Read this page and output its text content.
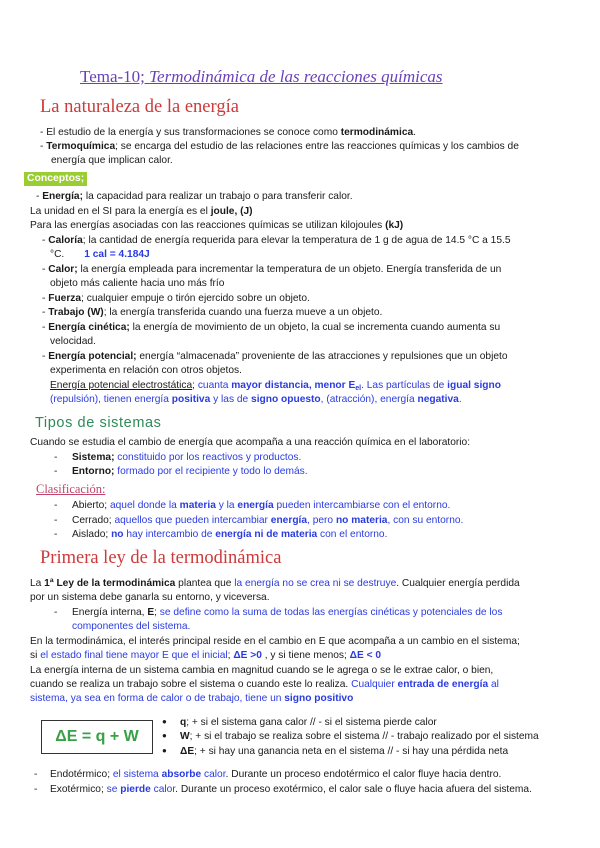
Tema-10; Termodinámica de las reacciones químicas
La naturaleza de la energía
- El estudio de la energía y sus transformaciones se conoce como termodinámica.
- Termoquímica; se encarga del estudio de las relaciones entre las reacciones químicas y los cambios de
energía que implican calor.
Conceptos;
- Energía; la capacidad para realizar un trabajo o para transferir calor.
La unidad en el SI para la energía es el joule, (J)
Para las energías asociadas con las reacciones químicas se utilizan kilojoules (kJ)
- Caloría; la cantidad de energía requerida para elevar la temperatura de 1 g de agua de 14.5 °C a 15.5
°C. 1 cal = 4.184J
- Calor; la energía empleada para incrementar la temperatura de un objeto. Energía transferida de un
objeto más caliente hacia uno más frío
- Fuerza; cualquier empuje o tirón ejercido sobre un objeto.
- Trabajo (W); la energía transferida cuando una fuerza mueve a un objeto.
- Energía cinética; la energía de movimiento de un objeto, la cual se incrementa cuando aumenta su
velocidad.
- Energía potencial; energía “almacenada” proveniente de las atracciones y repulsiones que un objeto
experimenta en relación con otros objetos.
Energía potencial electrostática; cuanta mayor distancia, menor Eel. Las partículas de igual signo
(repulsión), tienen energía positiva y las de signo opuesto, (atracción), energía negativa.
Tipos de sistemas
Cuando se estudia el cambio de energía que acompaña a una reacción química en el laboratorio:
- Sistema; constituido por los reactivos y productos.
- Entorno; formado por el recipiente y todo lo demás.
Clasificación:
- Abierto; aquel donde la materia y la energía pueden intercambiarse con el entorno.
- Cerrado; aquellos que pueden intercambiar energía, pero no materia, con su entorno.
- Aislado; no hay intercambio de energía ni de materia con el entorno.
Primera ley de la termodinámica
La 1ª Ley de la termodinámica plantea que la energía no se crea ni se destruye. Cualquier energía perdida
por un sistema debe ganarla su entorno, y viceversa.
- Energía interna, E; se define como la suma de todas las energías cinéticas y potenciales de los
componentes del sistema.
En la termodinámica, el interés principal reside en el cambio en E que acompaña a un cambio en el sistema;
si el estado final tiene mayor E que el inicial; ΔE >0 , y si tiene menos; ΔE < 0
La energía interna de un sistema cambia en magnitud cuando se le agrega o se le extrae calor, o bien,
cuando se realiza un trabajo sobre el sistema o cuando este lo realiza. Cualquier entrada de energía al
sistema, ya sea en forma de calor o de trabajo, tiene un signo positivo
ΔE = q + W
● q; + si el sistema gana calor // - si el sistema pierde calor
● W; + si el trabajo se realiza sobre el sistema // - trabajo realizado por el sistema
● ΔE; + si hay una ganancia neta en el sistema // - si hay una pérdida neta
- Endotérmico; el sistema absorbe calor. Durante un proceso endotérmico el calor fluye hacia dentro.
- Exotérmico; se pierde calor. Durante un proceso exotérmico, el calor sale o fluye hacia afuera del sistema.
